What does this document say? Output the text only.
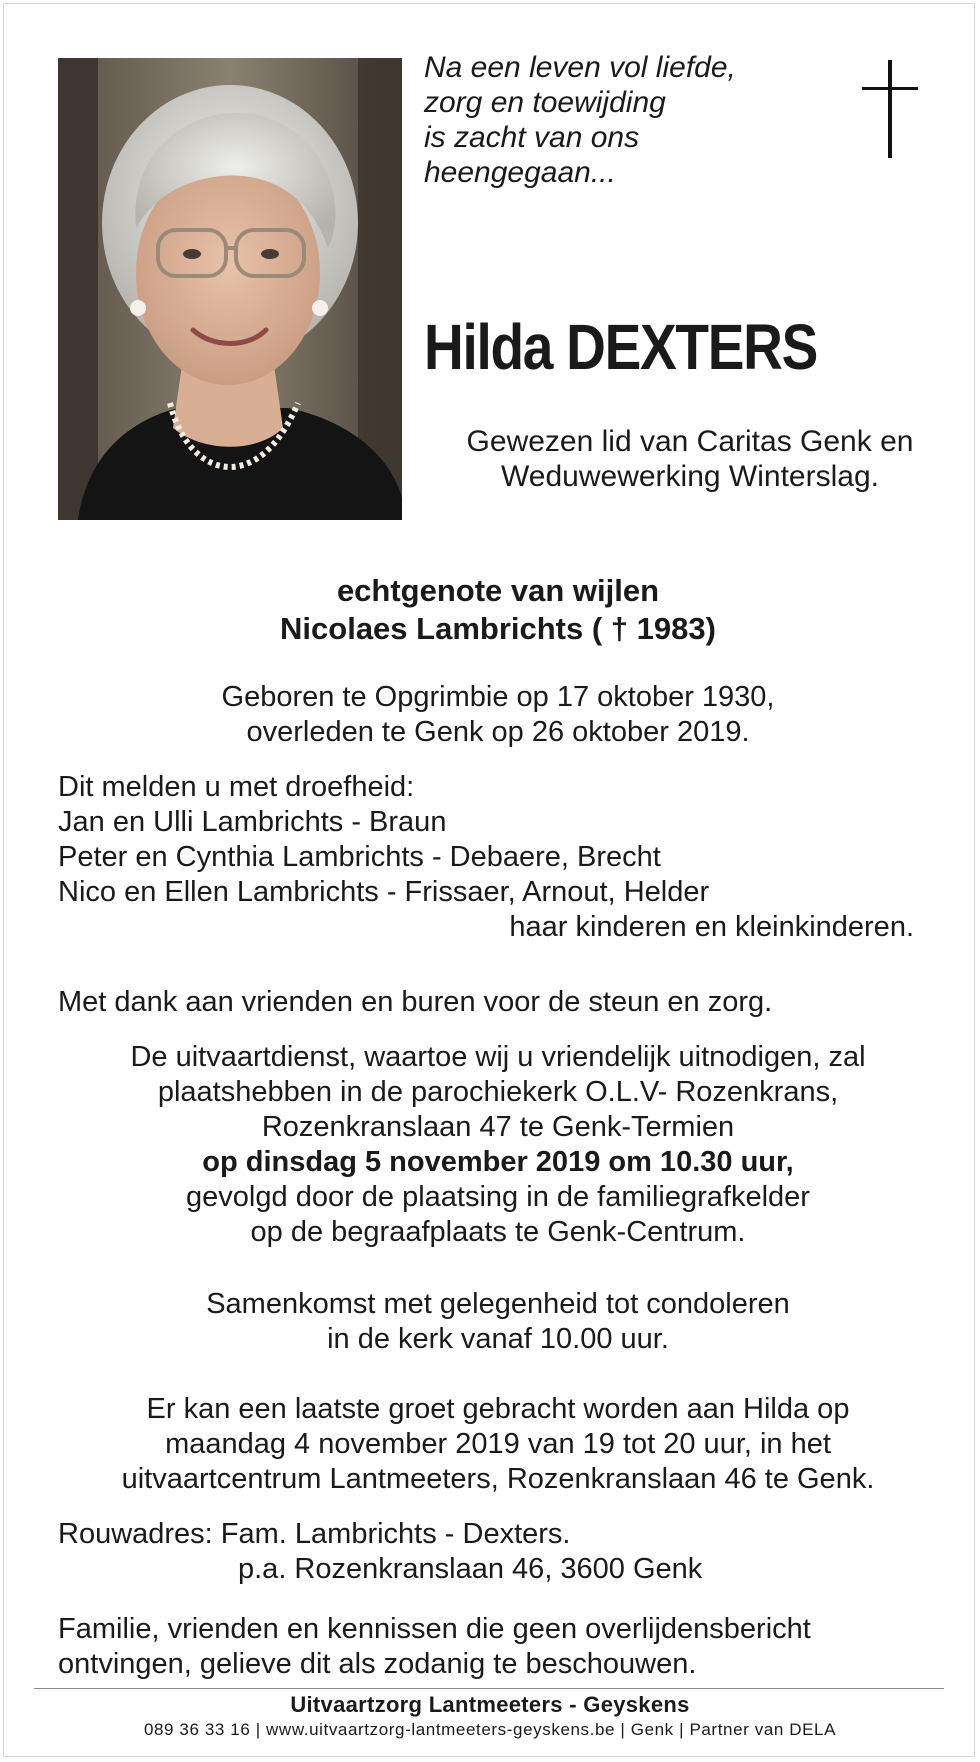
Na een leven vol liefde,
zorg en toewijding
is zacht van ons
heengegaan...
Hilda DEXTERS
Gewezen lid van Caritas Genk en
Weduwewerking Winterslag.
echtgenote van wijlen
Nicolaes Lambrichts ( † 1983)
Geboren te Opgrimbie op 17 oktober 1930,
overleden te Genk op 26 oktober 2019.
Dit melden u met droefheid:
Jan en Ulli Lambrichts - Braun
Peter en Cynthia Lambrichts - Debaere, Brecht
Nico en Ellen Lambrichts - Frissaer, Arnout, Helder
haar kinderen en kleinkinderen.
Met dank aan vrienden en buren voor de steun en zorg.
De uitvaartdienst, waartoe wij u vriendelijk uitnodigen, zal
plaatshebben in de parochiekerk O.L.V- Rozenkrans,
Rozenkranslaan 47 te Genk-Termien
op dinsdag 5 november 2019 om 10.30 uur,
gevolgd door de plaatsing in de familiegrafkelder
op de begraafplaats te Genk-Centrum.
Samenkomst met gelegenheid tot condoleren
in de kerk vanaf 10.00 uur.
Er kan een laatste groet gebracht worden aan Hilda op
maandag 4 november 2019 van 19 tot 20 uur, in het
uitvaartcentrum Lantmeeters, Rozenkranslaan 46 te Genk.
Rouwadres: Fam. Lambrichts - Dexters.
p.a. Rozenkranslaan 46, 3600 Genk
Familie, vrienden en kennissen die geen overlijdensbericht
ontvingen, gelieve dit als zodanig te beschouwen.
Uitvaartzorg Lantmeeters - Geyskens
089 36 33 16 | www.uitvaartzorg-lantmeeters-geyskens.be | Genk | Partner van DELA
